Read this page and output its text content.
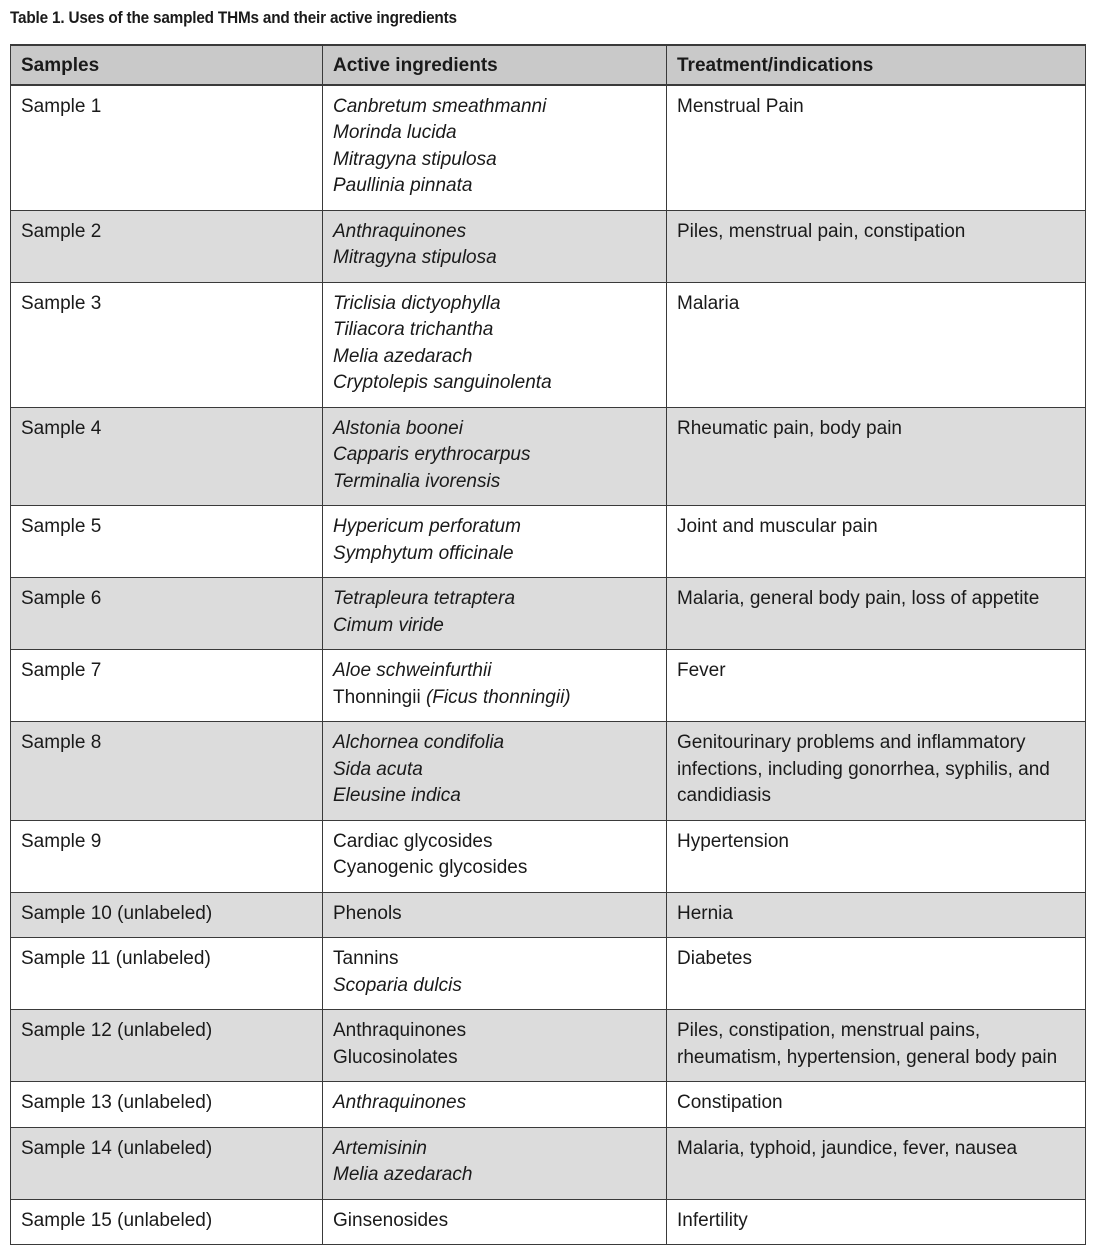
Table 1. Uses of the sampled THMs and their active ingredients
Samples	Active ingredients	Treatment/indications
Sample 1	Canbretum smeathmanni
Morinda lucida
Mitragyna stipulosa
Paullinia pinnata	Menstrual Pain
Sample 2	Anthraquinones
Mitragyna stipulosa	Piles, menstrual pain, constipation
Sample 3	Triclisia dictyophylla
Tiliacora trichantha
Melia azedarach
Cryptolepis sanguinolenta	Malaria
Sample 4	Alstonia boonei
Capparis erythrocarpus
Terminalia ivorensis	Rheumatic pain, body pain
Sample 5	Hypericum perforatum
Symphytum officinale	Joint and muscular pain
Sample 6	Tetrapleura tetraptera
Cimum viride	Malaria, general body pain, loss of appetite
Sample 7	Aloe schweinfurthii
Thonningii (Ficus thonningii)	Fever
Sample 8	Alchornea condifolia
Sida acuta
Eleusine indica	Genitourinary problems and inflammatory
infections, including gonorrhea, syphilis, and
candidiasis

Sample 9	Cardiac glycosides
Cyanogenic glycosides	Hypertension
Sample 10 (unlabeled)	Phenols	Hernia
Sample 11 (unlabeled)	Tannins
Scoparia dulcis	Diabetes
Sample 12 (unlabeled)	Anthraquinones
Glucosinolates	Piles, constipation, menstrual pains,
rheumatism, hypertension, general body pain

Sample 13 (unlabeled)	Anthraquinones	Constipation
Sample 14 (unlabeled)	Artemisinin
Melia azedarach	Malaria, typhoid, jaundice, fever, nausea
Sample 15 (unlabeled)	Ginsenosides	Infertility
